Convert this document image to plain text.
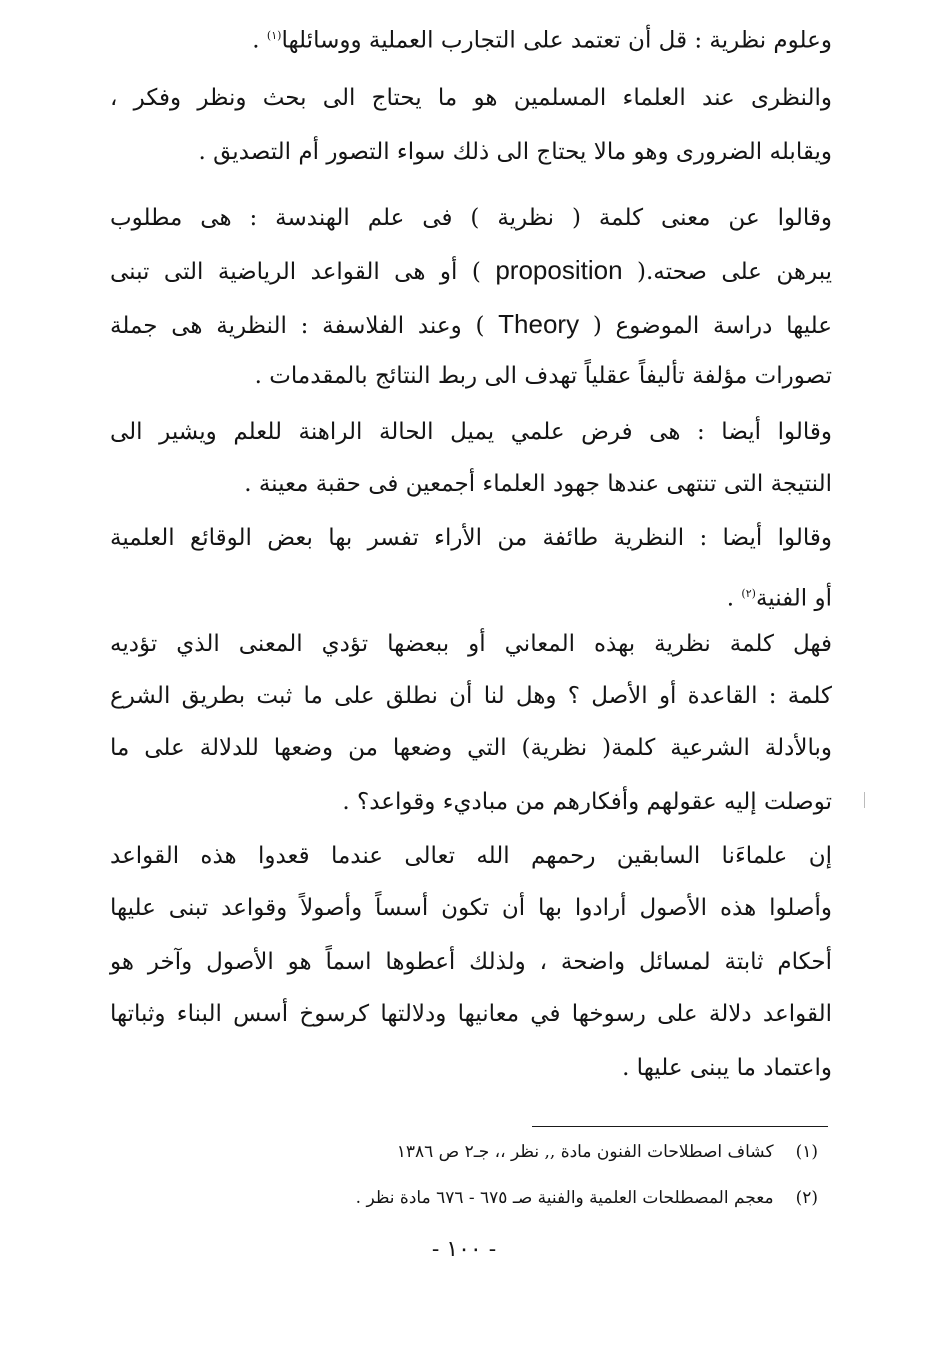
وعلوم نظرية : قل أن تعتمد على التجارب العملية ووسائلها$^{(١)}$ .
والنظرى عند العلماء المسلمين هو ما يحتاج الى بحث ونظر وفكر ،
ويقابله الضرورى وهو مالا يحتاج الى ذلك سواء التصور أم التصديق .
وقالوا عن معنى كلمة ( نظرية ) فى علم الهندسة : هى مطلوب
يبرهن على صحته.( proposition ) أو هى القواعد الرياضية التى تبنى
عليها دراسة الموضوع ( Theory ) وعند الفلاسفة : النظرية هى جملة
تصورات مؤلفة تأليفاً عقلياً تهدف الى ربط النتائج بالمقدمات .
وقالوا أيضا : هى فرض علمي يميل الحالة الراهنة للعلم ويشير الى
النتيجة التى تنتهى عندها جهود العلماء أجمعين فى حقبة معينة .
وقالوا أيضا : النظرية طائفة من الأراء تفسر بها بعض الوقائع العلمية
أو الفنية$^{(٢)}$ .
فهل كلمة نظرية بهذه المعاني أو ببعضها تؤدي المعنى الذي تؤديه
كلمة : القاعدة أو الأصل ؟ وهل لنا أن نطلق على ما ثبت بطريق الشرع
وبالأدلة الشرعية كلمة( نظرية) التي وضعها من وضعها للدلالة على ما
توصلت إليه عقولهم وأفكارهم من مباديء وقواعد؟ .
إن علماءَنا السابقين رحمهم الله تعالى عندما قعدوا هذه القواعد
وأصلوا هذه الأصول أرادوا بها أن تكون أسساً وأصولاً وقواعد تبنى عليها
أحكام ثابتة لمسائل واضحة ، ولذلك أعطوها اسماً هو الأصول وآخر هو
القواعد دلالة على رسوخها في معانيها ودلالتها كرسوخ أسس البناء وثباتها
واعتماد ما يبنى عليها .
(١)كشاف اصطلاحات الفنون مادة ,, نظر ،، جـ٢ ص ١٣٨٦
(٢)معجم المصطلحات العلمية والفنية صـ ٦٧٥ - ٦٧٦ مادة نظر .
- ١٠٠ -
